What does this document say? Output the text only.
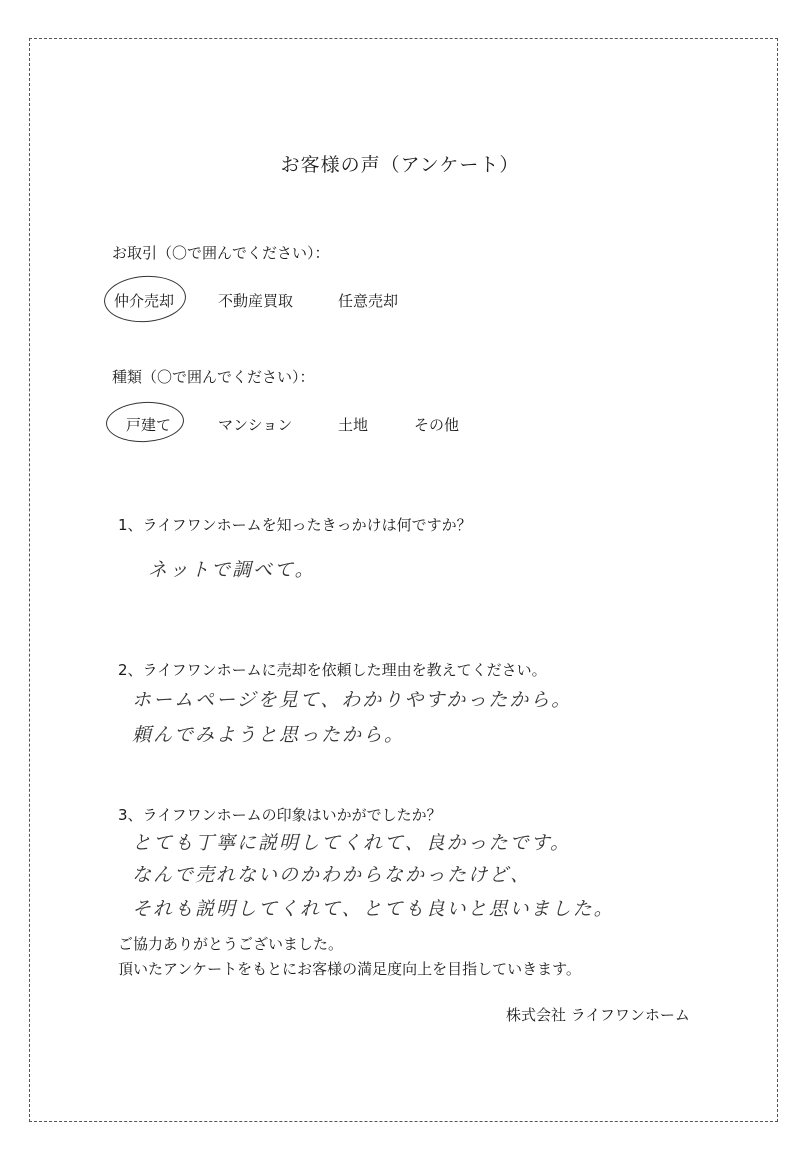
お客様の声（アンケート）
お取引（〇で囲んでください）：
仲介売却	不動産買取	任意売却
種類（〇で囲んでください）：
戸建て	マンション	土地	その他
1、ライフワンホームを知ったきっかけは何ですか？
ネットで調べて。
2、ライフワンホームに売却を依頼した理由を教えてください。
ホームページを見て、わかりやすかったから。
頼んでみようと思ったから。
3、ライフワンホームの印象はいかがでしたか？
とても丁寧に説明してくれて、良かったです。
なんで売れないのかわからなかったけど、
それも説明してくれて、とても良いと思いました。
ご協力ありがとうございました。
頂いたアンケートをもとにお客様の満足度向上を目指していきます。
株式会社 ライフワンホーム
